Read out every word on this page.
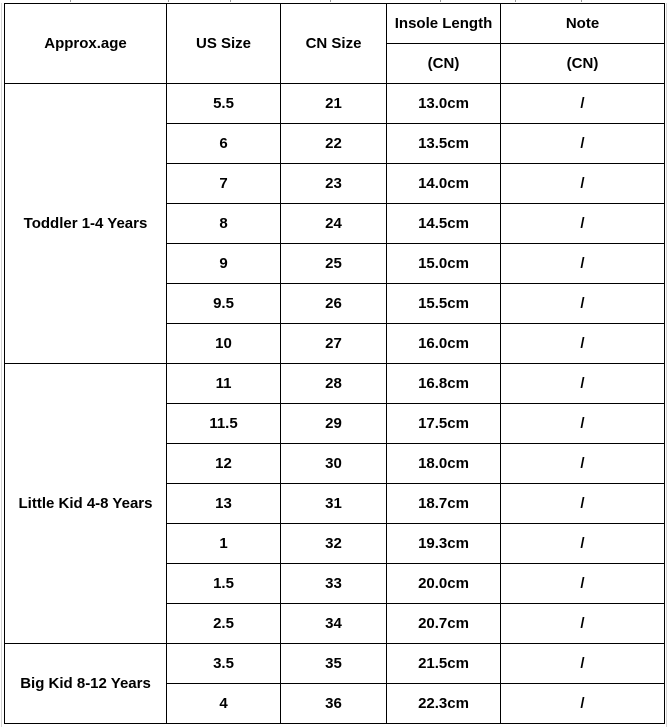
Approx.age	US Size	CN Size	Insole Length	Note
			(CN)	(CN)
Toddler 1-4 Years	5.5	21	13.0cm	/
	6	22	13.5cm	/
	7	23	14.0cm	/
	8	24	14.5cm	/
	9	25	15.0cm	/
	9.5	26	15.5cm	/
	10	27	16.0cm	/
Little Kid 4-8 Years	11	28	16.8cm	/
	11.5	29	17.5cm	/
	12	30	18.0cm	/
	13	31	18.7cm	/
	1	32	19.3cm	/
	1.5	33	20.0cm	/
	2.5	34	20.7cm	/
Big Kid 8-12 Years	3.5	35	21.5cm	/
	4	36	22.3cm	/
